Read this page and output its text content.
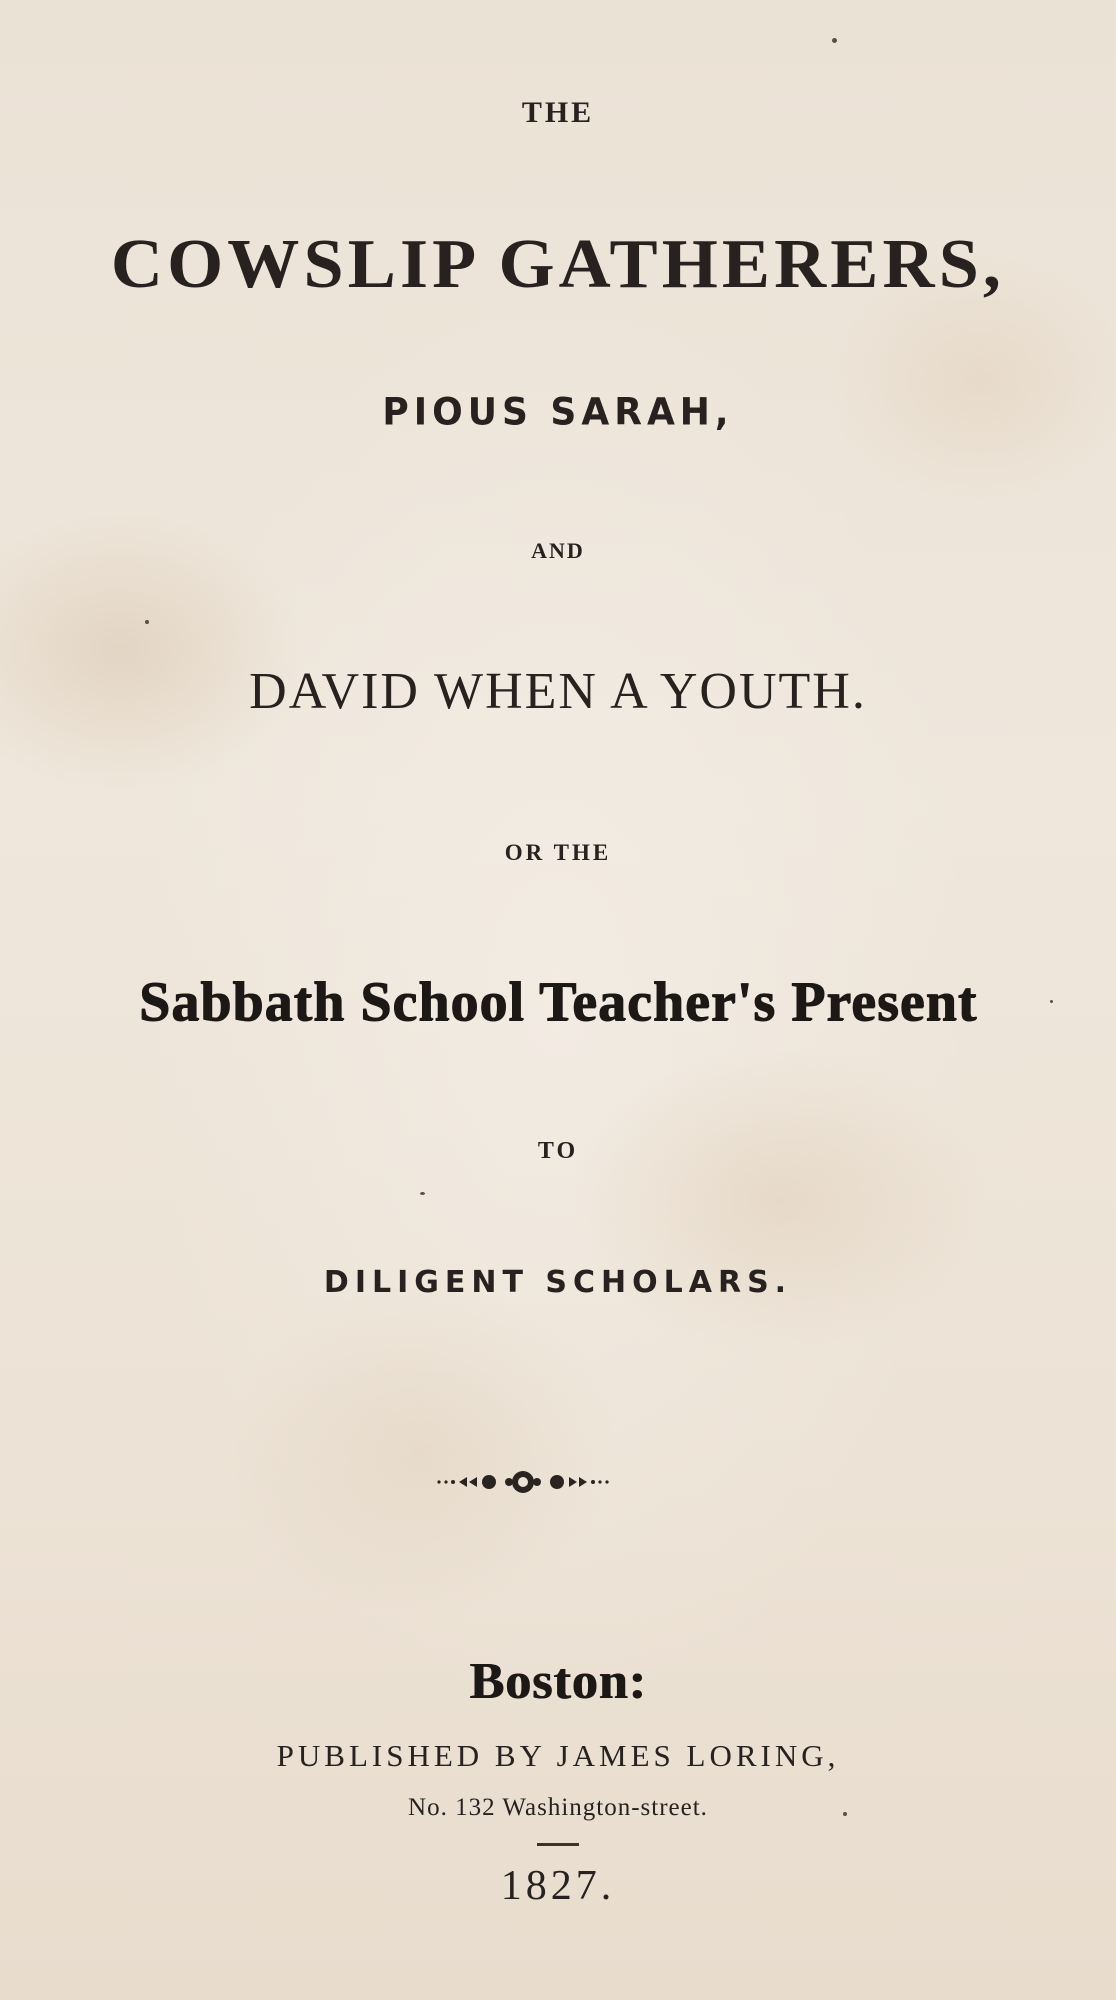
THE
COWSLIP GATHERERS,
PIOUS SARAH,
AND
DAVID WHEN A YOUTH.
OR THE
Sabbath School Teacher's Present
TO
DILIGENT SCHOLARS.
Boston:
PUBLISHED BY JAMES LORING,
No. 132 Washington-street.
1827.
